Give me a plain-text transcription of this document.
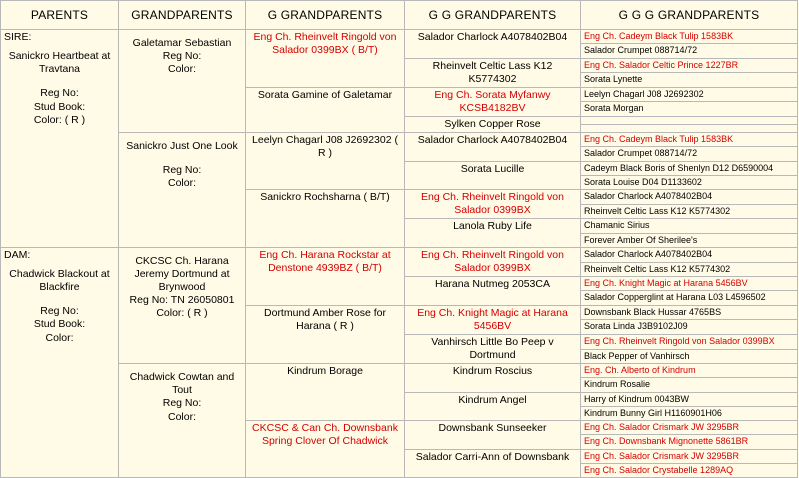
PARENTS	GRANDPARENTS	G GRANDPARENTS	G G GRANDPARENTS	G G G GRANDPARENTS

SIRE:
Sanickro Heartbeat at Travtana
Reg No:
Stud Book:
Color: ( R )	Galetamar Sebastian
Reg No:
Color:	Eng Ch. Rheinvelt Ringold von Salador 0399BX ( B/T)	Salador Charlock A4078402B04	Eng Ch. Cadeym Black Tulip 1583BK
				Salador Crumpet 088714/72
			Rheinvelt Celtic Lass K12 K5774302	Eng Ch. Salador Celtic Prince 1227BR
				Sorata Lynette
		Sorata Gamine of Galetamar	Eng Ch. Sorata Myfanwy KCSB4182BV	Leelyn Chagarl J08 J2692302
				Sorata Morgan
			Sylken Copper Rose	

	Sanickro Just One Look
Reg No:
Color:	Leelyn Chagarl J08 J2692302 ( R )	Salador Charlock A4078402B04	Eng Ch. Cadeym Black Tulip 1583BK
				Salador Crumpet 088714/72
			Sorata Lucille	Cadeym Black Boris of Shenlyn D12 D6590004
				Sorata Louise D04 D1133602
		Sanickro Rochsharna ( B/T)	Eng Ch. Rheinvelt Ringold von Salador 0399BX	Salador Charlock A4078402B04
				Rheinvelt Celtic Lass K12 K5774302
			Lanola Ruby Life	Chamanic Sirius
				Forever Amber Of Sherilee's

DAM:
Chadwick Blackout at Blackfire
Reg No:
Stud Book:
Color:	CKCSC Ch. Harana Jeremy Dortmund at Brynwood
Reg No: TN 26050801
Color: ( R )	Eng Ch. Harana Rockstar at Denstone 4939BZ ( B/T)	Eng Ch. Rheinvelt Ringold von Salador 0399BX	Salador Charlock A4078402B04
				Rheinvelt Celtic Lass K12 K5774302
			Harana Nutmeg 2053CA	Eng Ch. Knight Magic at Harana 5456BV
				Salador Copperglint at Harana L03 L4596502
		Dortmund Amber Rose for Harana ( R )	Eng Ch. Knight Magic at Harana 5456BV	Downsbank Black Hussar 4765BS
				Sorata Linda J3B9102J09
			Vanhirsch Little Bo Peep v Dortmund	Eng Ch. Rheinvelt Ringold von Salador 0399BX
				Black Pepper of Vanhirsch

	Chadwick Cowtan and Tout
Reg No:
Color:	Kindrum Borage	Kindrum Roscius	Eng. Ch. Alberto of Kindrum
				Kindrum Rosalie
			Kindrum Angel	Harry of Kindrum 0043BW
				Kindrum Bunny Girl H1160901H06
		CKCSC & Can Ch. Downsbank Spring Clover Of Chadwick	Downsbank Sunseeker	Eng Ch. Salador Crismark JW 3295BR
				Eng Ch. Downsbank Mignonette 5861BR
			Salador Carri-Ann of Downsbank	Eng Ch. Salador Crismark JW 3295BR
				Eng Ch. Salador Crystabelle 1289AQ
